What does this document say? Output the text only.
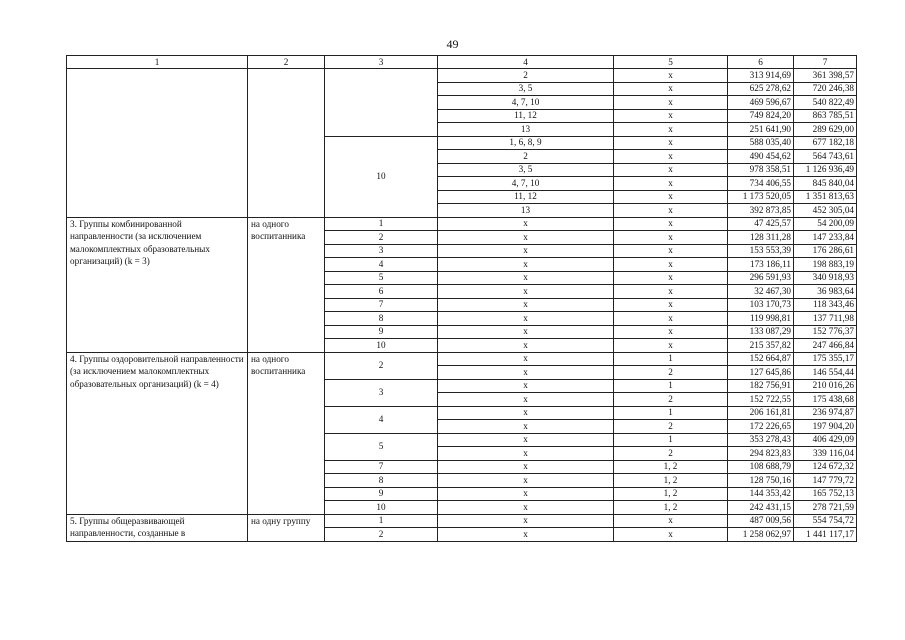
49
1	2	3	4	5	6	7
			2	х	313 914,69	361 398,57
			3, 5	х	625 278,62	720 246,38
			4, 7, 10	х	469 596,67	540 822,49
			11, 12	х	749 824,20	863 785,51
			13	х	251 641,90	289 629,00
		10	1, 6, 8, 9	х	588 035,40	677 182,18
			2	х	490 454,62	564 743,61
			3, 5	х	978 358,51	1 126 936,49
			4, 7, 10	х	734 406,55	845 840,04
			11, 12	х	1 173 520,05	1 351 813,63
			13	х	392 873,85	452 305,04
3. Группы комбинированной направленности (за исключением малокомплектных образовательных организаций) (k = 3)	на одного воспитанника	1	х	х	47 425,57	54 200,09
		2	х	х	128 311,28	147 233,84
		3	х	х	153 553,39	176 286,61
		4	х	х	173 186,11	198 883,19
		5	х	х	296 591,93	340 918,93
		6	х	х	32 467,30	36 983,64
		7	х	х	103 170,73	118 343,46
		8	х	х	119 998,81	137 711,98
		9	х	х	133 087,29	152 776,37
		10	х	х	215 357,82	247 466,84
4. Группы оздоровительной направленности (за исключением малокомплектных образовательных организаций) (k = 4)	на одного воспитанника	2	х	1	152 664,87	175 355,17
			х	2	127 645,86	146 554,44
		3	х	1	182 756,91	210 016,26
			х	2	152 722,55	175 438,68
		4	х	1	206 161,81	236 974,87
			х	2	172 226,65	197 904,20
		5	х	1	353 278,43	406 429,09
			х	2	294 823,83	339 116,04
		7	х	1, 2	108 688,79	124 672,32
		8	х	1, 2	128 750,16	147 779,72
		9	х	1, 2	144 353,42	165 752,13
		10	х	1, 2	242 431,15	278 721,59
5. Группы общеразвивающей направленности, созданные в	на одну группу	1	х	х	487 009,56	554 754,72
		2	х	х	1 258 062,97	1 441 117,17
